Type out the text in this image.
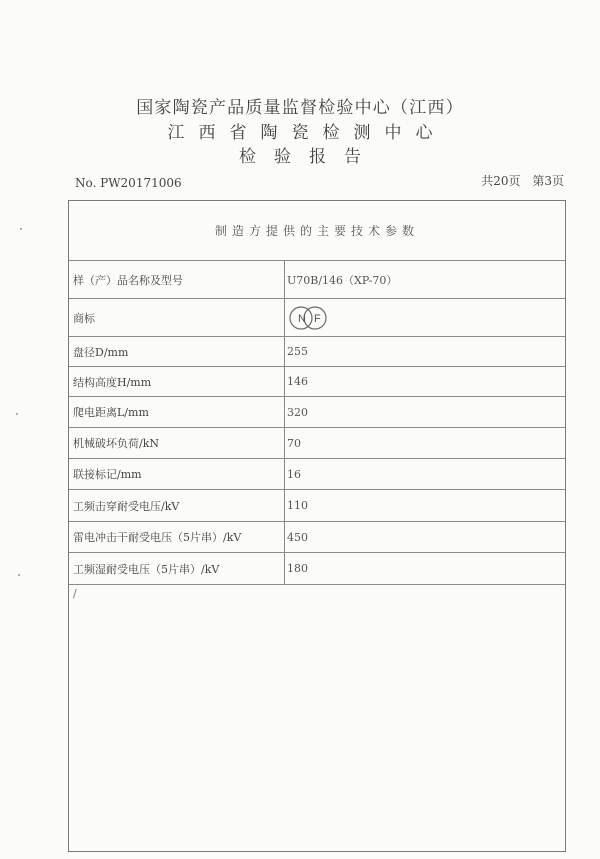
国家陶瓷产品质量监督检验中心（江西）
江西省陶瓷检测中心
检验报告
No. PW20171006	共20页 第3页
制造方提供的主要技术参数
样（产）品名称及型号	U70B/146（XP-70）
商标	N F
盘径D/mm	255
结构高度H/mm	146
爬电距离L/mm	320
机械破坏负荷/kN	70
联接标记/mm	16
工频击穿耐受电压/kV	110
雷电冲击干耐受电压（5片串）/kV	450
工频湿耐受电压（5片串）/kV	180
/
